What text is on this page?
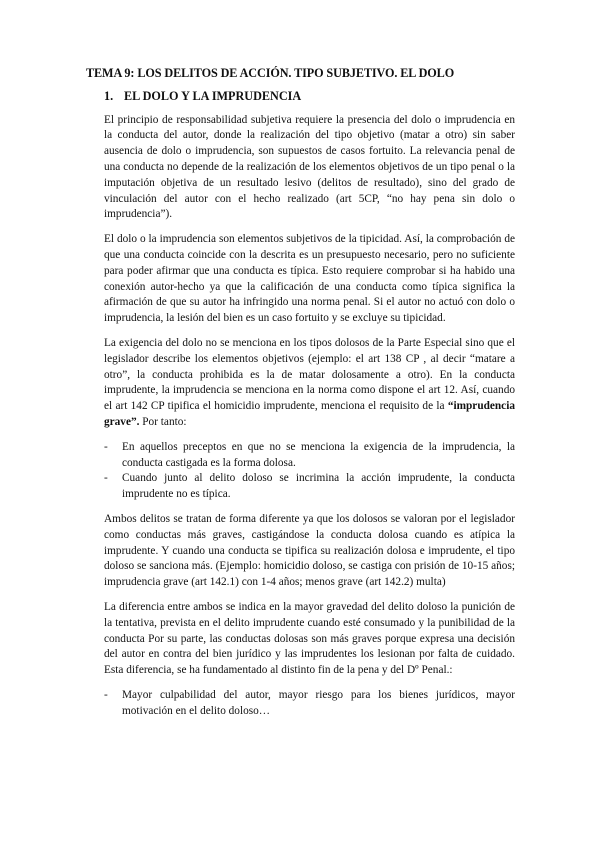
TEMA 9: LOS DELITOS DE ACCIÓN. TIPO SUBJETIVO. EL DOLO
1. EL DOLO Y LA IMPRUDENCIA

El principio de responsabilidad subjetiva requiere la presencia del dolo o imprudencia en la conducta del autor, donde la realización del tipo objetivo (matar a otro) sin saber ausencia de dolo o imprudencia, son supuestos de casos fortuito. La relevancia penal de una conducta no depende de la realización de los elementos objetivos de un tipo penal o la imputación objetiva de un resultado lesivo (delitos de resultado), sino del grado de vinculación del autor con el hecho realizado (art 5CP, “no hay pena sin dolo o imprudencia”).

El dolo o la imprudencia son elementos subjetivos de la tipicidad. Así, la comprobación de que una conducta coincide con la descrita es un presupuesto necesario, pero no suficiente para poder afirmar que una conducta es típica. Esto requiere comprobar si ha habido una conexión autor-hecho ya que la calificación de una conducta como típica significa la afirmación de que su autor ha infringido una norma penal. Si el autor no actuó con dolo o imprudencia, la lesión del bien es un caso fortuito y se excluye su tipicidad.

La exigencia del dolo no se menciona en los tipos dolosos de la Parte Especial sino que el legislador describe los elementos objetivos (ejemplo: el art 138 CP , al decir “matare a otro”, la conducta prohibida es la de matar dolosamente a otro). En la conducta imprudente, la imprudencia se menciona en la norma como dispone el art 12. Así, cuando el art 142 CP tipifica el homicidio imprudente, menciona el requisito de la “imprudencia grave”. Por tanto:

- En aquellos preceptos en que no se menciona la exigencia de la imprudencia, la conducta castigada es la forma dolosa.
- Cuando junto al delito doloso se incrimina la acción imprudente, la conducta imprudente no es típica.

Ambos delitos se tratan de forma diferente ya que los dolosos se valoran por el legislador como conductas más graves, castigándose la conducta dolosa cuando es atípica la imprudente. Y cuando una conducta se tipifica su realización dolosa e imprudente, el tipo doloso se sanciona más. (Ejemplo: homicidio doloso, se castiga con prisión de 10-15 años; imprudencia grave (art 142.1) con 1-4 años; menos grave (art 142.2) multa)

La diferencia entre ambos se indica en la mayor gravedad del delito doloso la punición de la tentativa, prevista en el delito imprudente cuando esté consumado y la punibilidad de la conducta Por su parte, las conductas dolosas son más graves porque expresa una decisión del autor en contra del bien jurídico y las imprudentes los lesionan por falta de cuidado. Esta diferencia, se ha fundamentado al distinto fin de la pena y del Dº Penal.:

- Mayor culpabilidad del autor, mayor riesgo para los bienes jurídicos, mayor motivación en el delito doloso…
